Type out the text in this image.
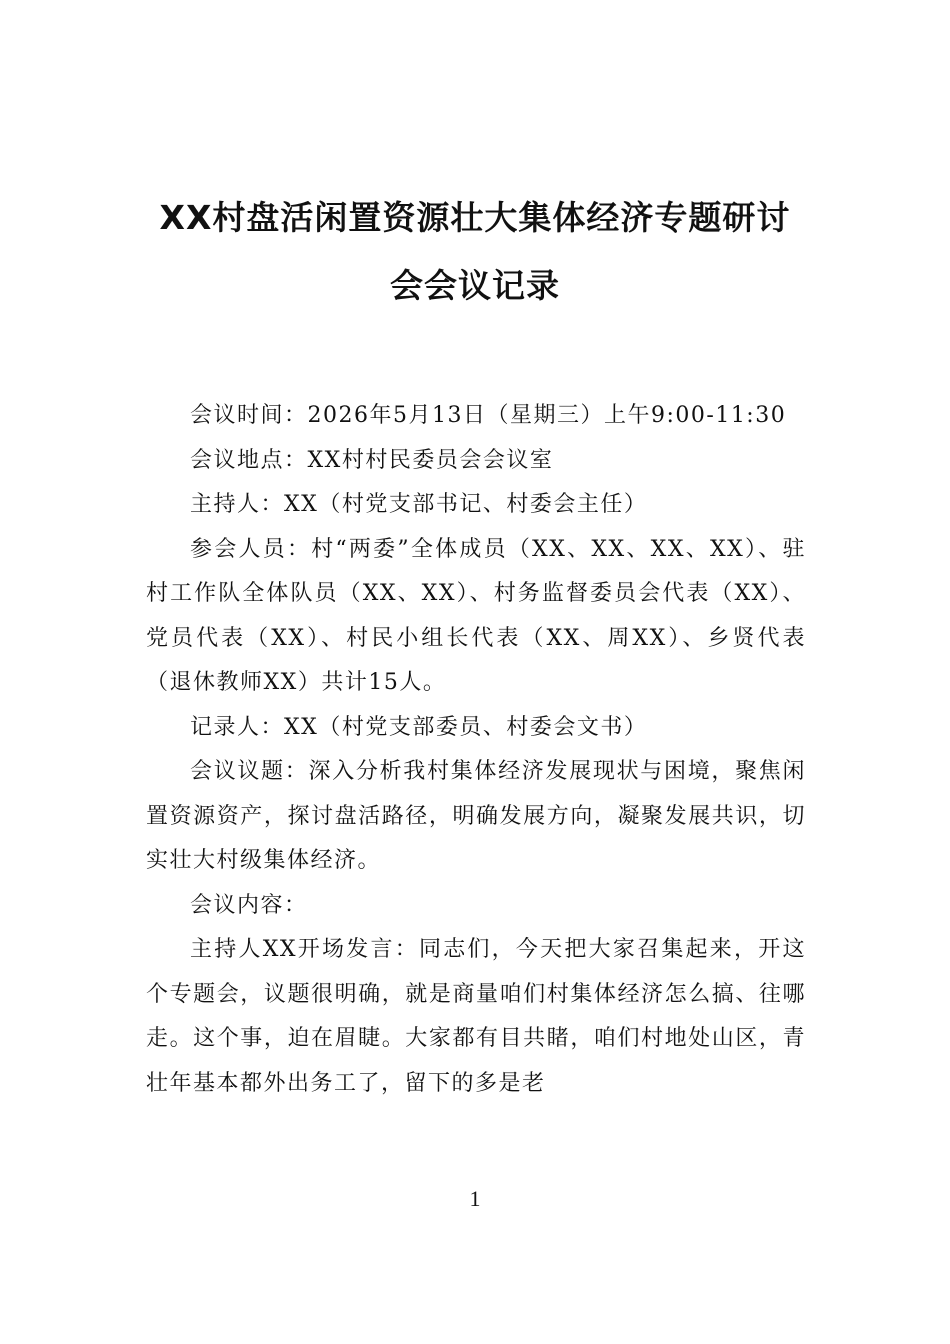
XX村盘活闲置资源壮大集体经济专题研讨
会会议记录

会议时间：2026年5月13日（星期三）上午9:00-11:30

会议地点：XX村村民委员会会议室

主持人：XX（村党支部书记、村委会主任）

参会人员：村“两委”全体成员（XX、XX、XX、XX）、驻村工作队全体队员（XX、XX）、村务监督委员会代表（XX）、党员代表（XX）、村民小组长代表（XX、周XX）、乡贤代表（退休教师XX）共计15人。

记录人：XX（村党支部委员、村委会文书）

会议议题：深入分析我村集体经济发展现状与困境，聚焦闲置资源资产，探讨盘活路径，明确发展方向，凝聚发展共识，切实壮大村级集体经济。

会议内容：

主持人XX开场发言：同志们，今天把大家召集起来，开这个专题会，议题很明确，就是商量咱们村集体经济怎么搞、往哪走。这个事，迫在眉睫。大家都有目共睹，咱们村地处山区，青壮年基本都外出务工了，留下的多是老

1
